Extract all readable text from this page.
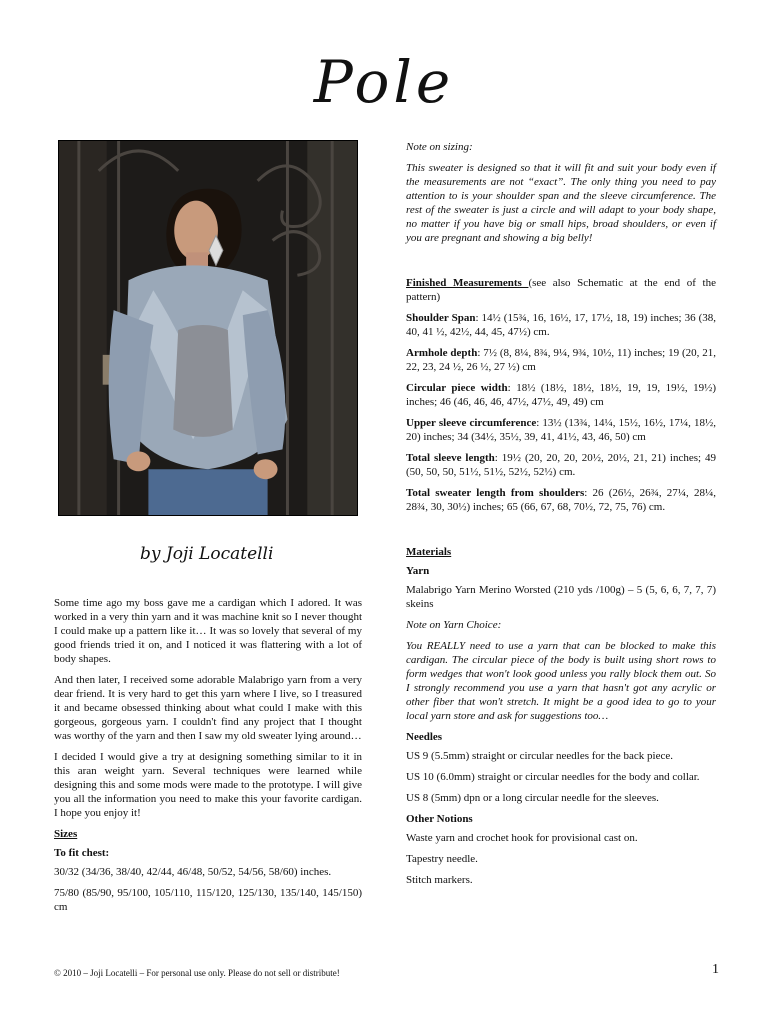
Pole
by Joji Locatelli

Some time ago my boss gave me a cardigan which I adored. It was worked in a very thin yarn and it was machine knit so I never thought I could make up a pattern like it… It was so lovely that several of my good friends tried it on, and I noticed it was flattering with a lot of body shapes.

And then later, I received some adorable Malabrigo yarn from a very dear friend. It is very hard to get this yarn where I live, so I treasured it and became obsessed thinking about what could I make with this gorgeous, gorgeous yarn. I couldn't find any project that I thought was worthy of the yarn and then I saw my old sweater lying around…

I decided I would give a try at designing something similar to it in this aran weight yarn. Several techniques were learned while designing this and some mods were made to the prototype. I will give you all the information you need to make this your favorite cardigan. I hope you enjoy it!

Sizes
To fit chest:

30/32 (34/36, 38/40, 42/44, 46/48, 50/52, 54/56, 58/60) inches.

75/80 (85/90, 95/100, 105/110, 115/120, 125/130, 135/140, 145/150) cm

Note on sizing:

This sweater is designed so that it will fit and suit your body even if the measurements are not “exact”. The only thing you need to pay attention to is your shoulder span and the sleeve circumference. The rest of the sweater is just a circle and will adapt to your body shape, no matter if you have big or small hips, broad shoulders, or even if you are pregnant and showing a big belly!

Finished Measurements (see also Schematic at the end of the pattern)

Shoulder Span: 14½ (15¾, 16, 16½, 17, 17½, 18, 19) inches; 36 (38, 40, 41 ½, 42½, 44, 45, 47½) cm.

Armhole depth: 7½ (8, 8¼, 8¾, 9¼, 9¾, 10½, 11) inches; 19 (20, 21, 22, 23, 24 ½, 26 ½, 27 ½) cm

Circular piece width: 18½ (18½, 18½, 18½, 19, 19, 19½, 19½) inches; 46 (46, 46, 46, 47½, 47½, 49, 49) cm

Upper sleeve circumference: 13½ (13¾, 14¼, 15½, 16½, 17¼, 18½, 20) inches; 34 (34½, 35½, 39, 41, 41½, 43, 46, 50) cm

Total sleeve length: 19½ (20, 20, 20, 20½, 20½, 21, 21) inches; 49 (50, 50, 50, 51½, 51½, 52½, 52½) cm.

Total sweater length from shoulders: 26 (26½, 26¾, 27¼, 28¼, 28¾, 30, 30½) inches; 65 (66, 67, 68, 70½, 72, 75, 76) cm.

Materials
Yarn

Malabrigo Yarn Merino Worsted (210 yds /100g) – 5 (5, 6, 6, 7, 7, 7) skeins

Note on Yarn Choice:

You REALLY need to use a yarn that can be blocked to make this cardigan. The circular piece of the body is built using short rows to form wedges that won't look good unless you rally block them out. So I strongly recommend you use a yarn that hasn't got any acrylic or other fiber that won't stretch. It might be a good idea to go to your local yarn store and ask for suggestions too…

Needles

US 9 (5.5mm) straight or circular needles for the back piece.

US 10 (6.0mm) straight or circular needles for the body and collar.

US 8 (5mm) dpn or a long circular needle for the sleeves.

Other Notions

Waste yarn and crochet hook for provisional cast on.

Tapestry needle.

Stitch markers.

© 2010 – Joji Locatelli – For personal use only. Please do not sell or distribute!	1
